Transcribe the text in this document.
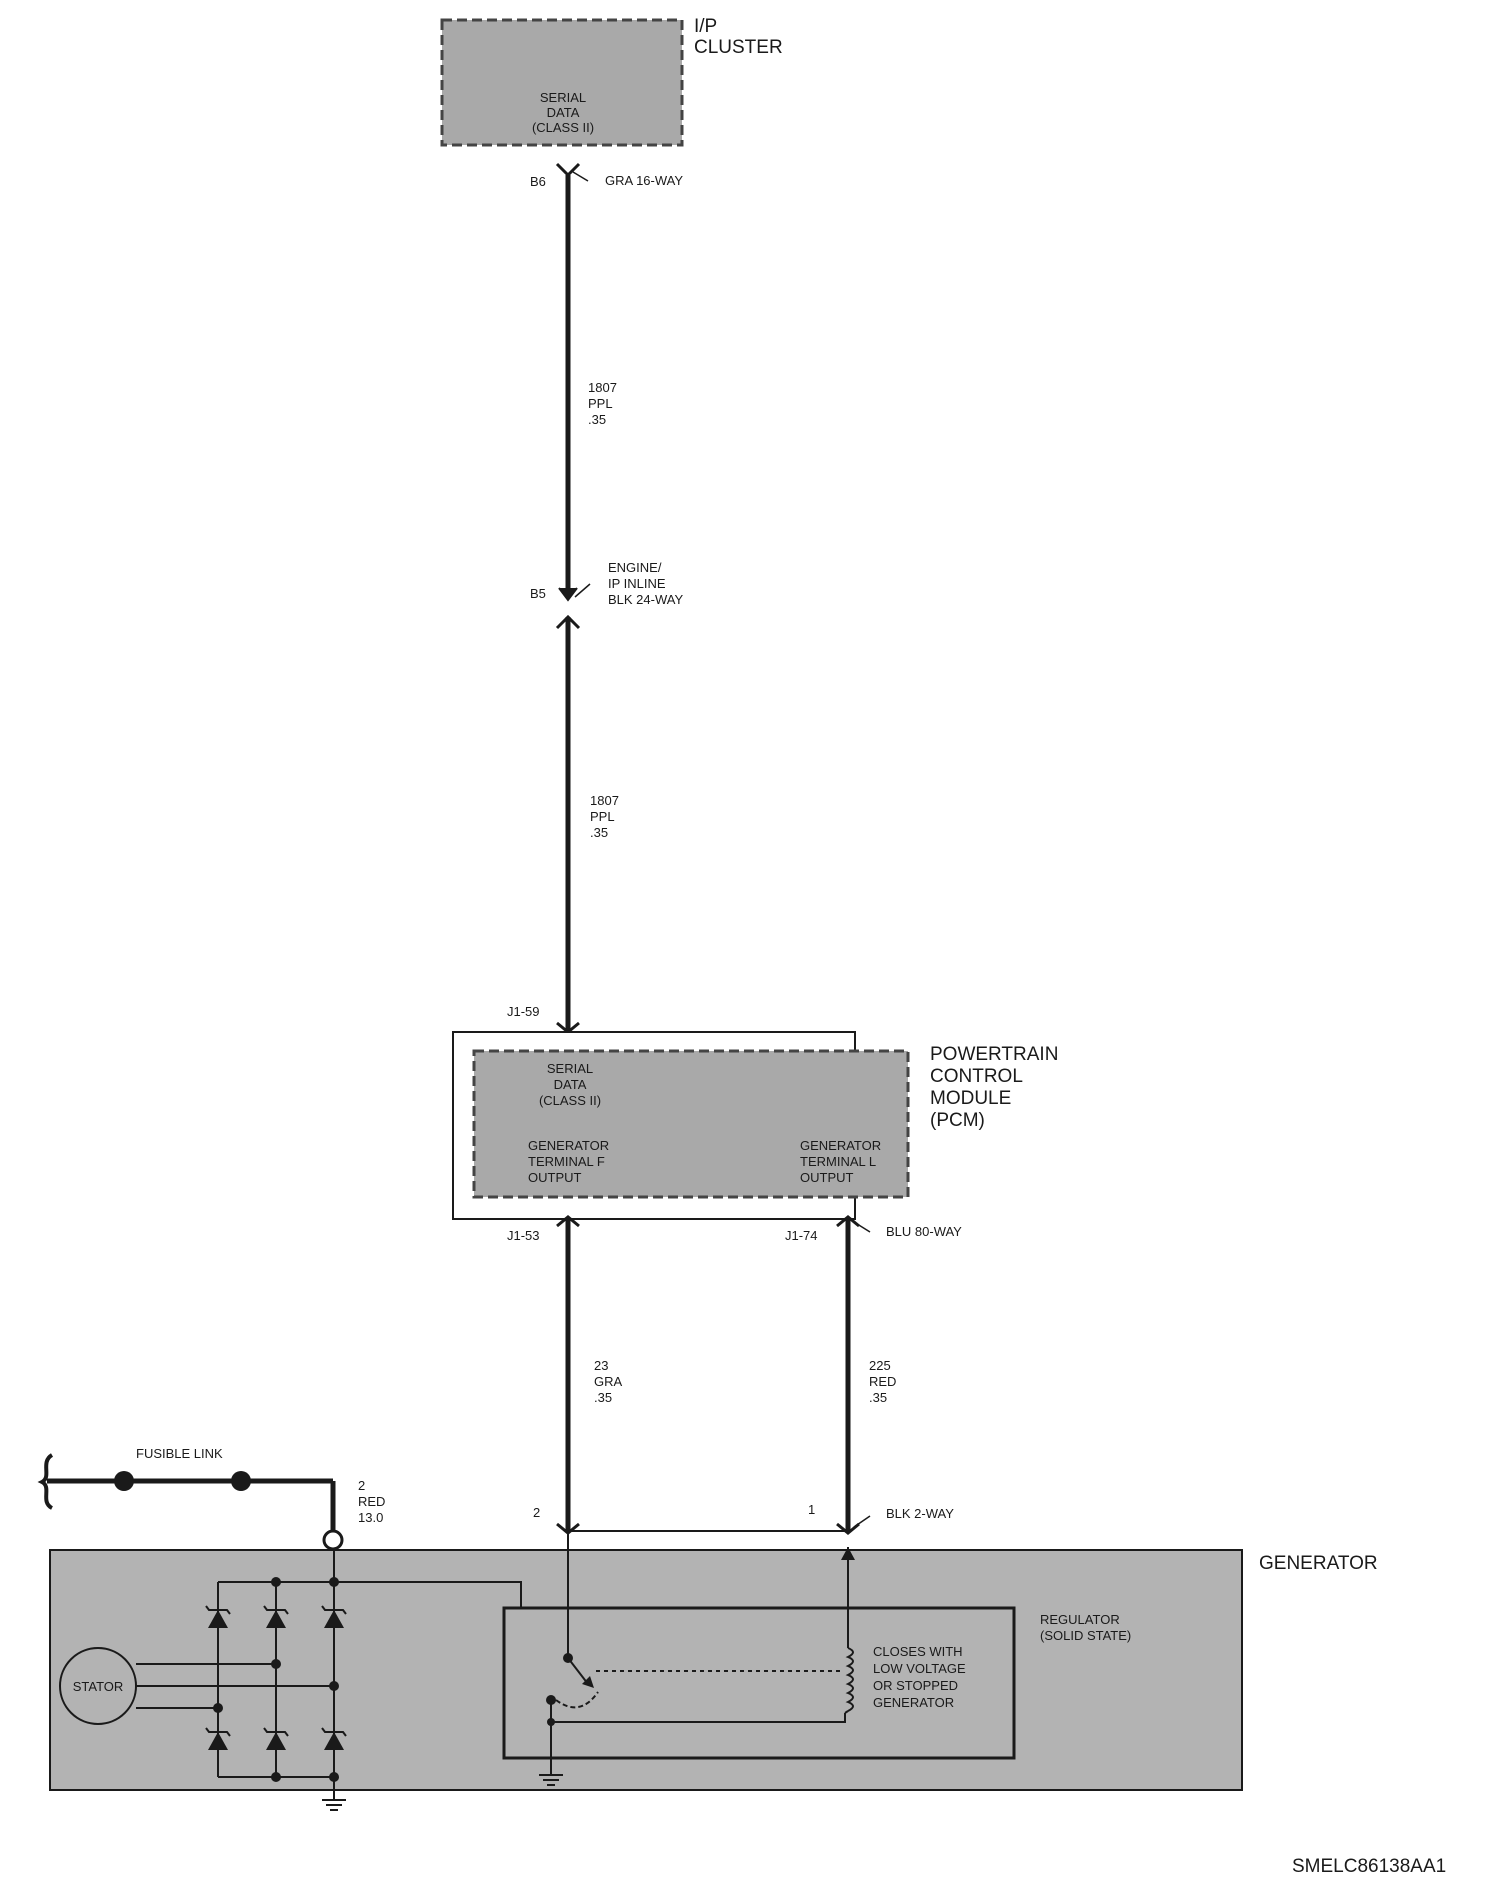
I/P
CLUSTER
SERIAL
DATA
(CLASS II)
B6	GRA 16-WAY
1807
PPL
.35
B5
ENGINE/
IP INLINE
BLK 24-WAY
1807
PPL
.35
J1-59
POWERTRAIN
CONTROL
MODULE
(PCM)
SERIAL
DATA
(CLASS II)
GENERATOR
TERMINAL F
OUTPUT
GENERATOR
TERMINAL L
OUTPUT
J1-53	J1-74	BLU 80-WAY
23
GRA
.35
225
RED
.35
2	1	BLK 2-WAY
FUSIBLE LINK
2
RED
13.0
GENERATOR
STATOR
REGULATOR
(SOLID STATE)
CLOSES WITH
LOW VOLTAGE
OR STOPPED
GENERATOR
SMELC86138AA1
